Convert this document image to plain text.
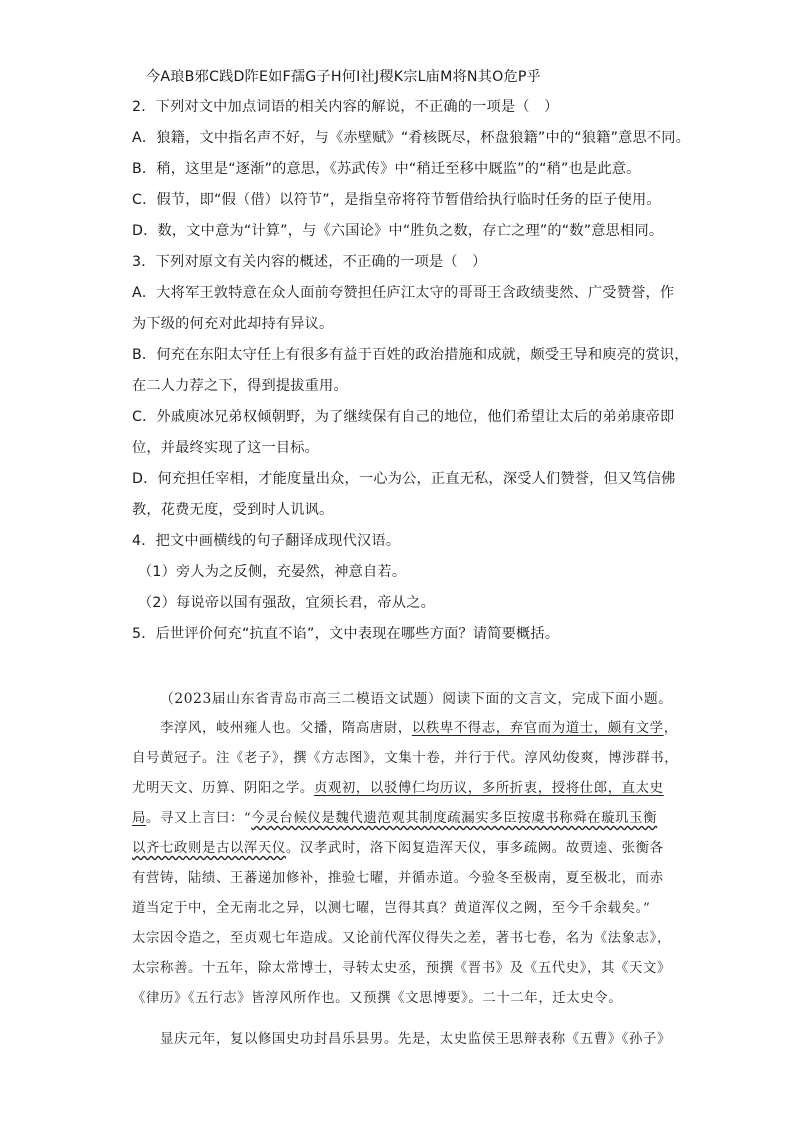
今A琅B邪C践D阼E如F孺G子H何I社J稷K宗L庙M将N其O危P乎
2．下列对文中加点词语的相关内容的解说，不正确的一项是（　）
A．狼籍，文中指名声不好，与《赤壁赋》“肴核既尽，杯盘狼籍”中的“狼籍”意思不同。
B．稍，这里是“逐渐”的意思，《苏武传》中“稍迁至移中厩监”的“稍”也是此意。
C．假节，即“假（借）以符节”，是指皇帝将符节暂借给执行临时任务的臣子使用。
D．数，文中意为“计算”，与《六国论》中“胜负之数，存亡之理”的“数”意思相同。
3．下列对原文有关内容的概述，不正确的一项是（　）
A．大将军王敦特意在众人面前夸赞担任庐江太守的哥哥王含政绩斐然、广受赞誉，作
为下级的何充对此却持有异议。
B．何充在东阳太守任上有很多有益于百姓的政治措施和成就，颇受王导和庾亮的赏识，
在二人力荐之下，得到提拔重用。
C．外戚庾冰兄弟权倾朝野，为了继续保有自己的地位，他们希望让太后的弟弟康帝即
位，并最终实现了这一目标。
D．何充担任宰相，才能度量出众，一心为公，正直无私，深受人们赞誉，但又笃信佛
教，花费无度，受到时人讥讽。
4．把文中画横线的句子翻译成现代汉语。
（1）旁人为之反侧，充晏然，神意自若。
（2）每说帝以国有强敌，宜须长君，帝从之。
5．后世评价何充“抗直不谄”，文中表现在哪些方面？请简要概括。
（2023届山东省青岛市高三二模语文试题）阅读下面的文言文，完成下面小题。
李淳风，岐州雍人也。父播，隋高唐尉，以秩卑不得志，弃官而为道士，颇有文学，
自号黄冠子。注《老子》，撰《方志图》，文集十卷，并行于代。淳风幼俊爽，博涉群书，
尤明天文、历算、阴阳之学。贞观初，以驳傅仁均历议，多所折衷，授将仕郎，直太史
局。寻又上言曰：“今灵台候仪是魏代遗范观其制度疏漏实多臣按虞书称舜在璇玑玉衡
以齐七政则是古以浑天仪。汉孝武时，洛下闳复造浑天仪，事多疏阙。故贾逵、张衡各
有营铸，陆绩、王蕃递加修补，推验七曜，并循赤道。今验冬至极南，夏至极北，而赤
道当定于中，全无南北之异，以测七曜，岂得其真？黄道浑仪之阙，至今千余载矣。”
太宗因令造之，至贞观七年造成。又论前代浑仪得失之差，著书七卷，名为《法象志》，
太宗称善。十五年，除太常博士，寻转太史丞，预撰《晋书》及《五代史》，其《天文》
《律历》《五行志》皆淳风所作也。又预撰《文思博要》。二十二年，迁太史令。
显庆元年，复以修国史功封昌乐县男。先是，太史监侯王思辩表称《五曹》《孙子》
